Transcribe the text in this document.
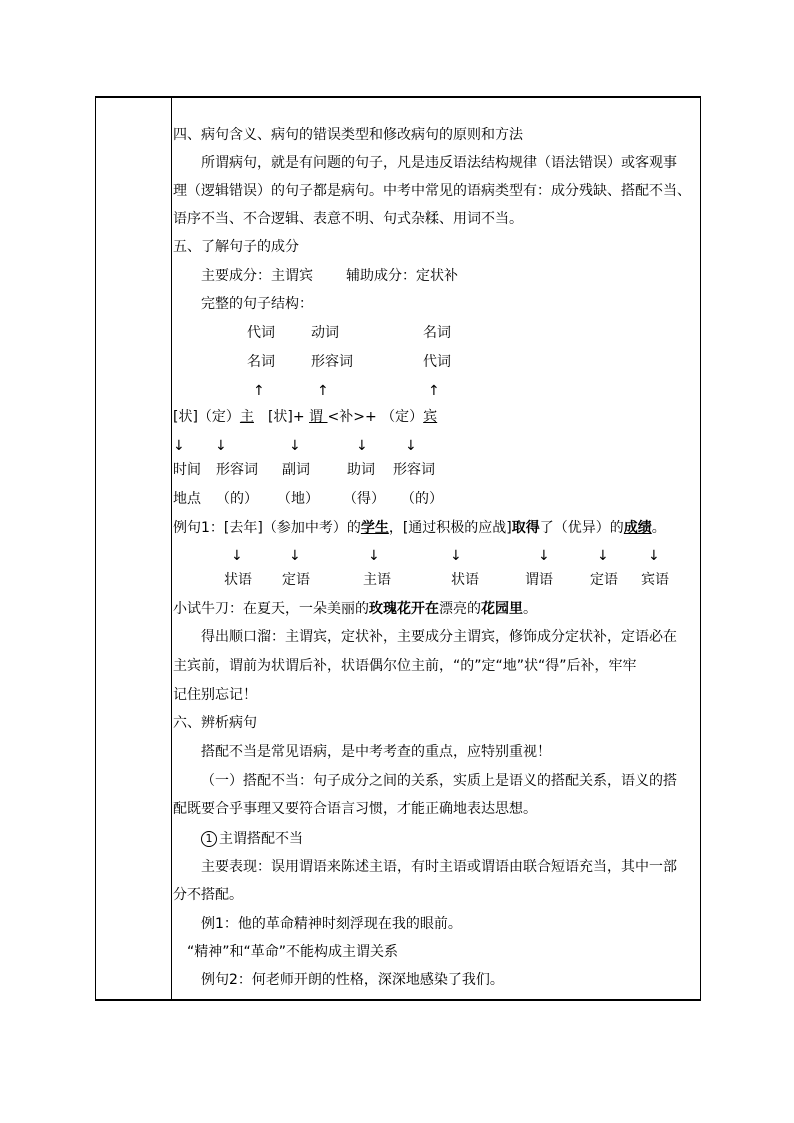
四、病句含义、病句的错误类型和修改病句的原则和方法
所谓病句，就是有问题的句子，凡是违反语法结构规律（语法错误）或客观事
理（逻辑错误）的句子都是病句。中考中常见的语病类型有：成分残缺、搭配不当、
语序不当、不合逻辑、表意不明、句式杂糅、用词不当。
五、了解句子的成分
主要成分：主谓宾 辅助成分：定状补
完整的句子结构：
代词	动词	名词
名词	形容词	代词
↑	↑	↑
[状]（定）主 [状]+ 谓 <补>+ （定）宾
↓ ↓	↓	↓	↓
时间 形容词 副词	助词 形容词
地点 （的） （地） （得） （的）
例句1：[去年]（参加中考）的学生，[通过积极的应战]取得了（优异）的成绩。
↓	↓	↓	↓	↓	↓	↓
状语 定语	主语	状语	谓语	定语 宾语
小试牛刀：在夏天，一朵美丽的玫瑰花开在漂亮的花园里。
得出顺口溜：主谓宾，定状补，主要成分主谓宾，修饰成分定状补，定语必在
主宾前，谓前为状谓后补，状语偶尔位主前，“的”定“地”状“得”后补，牢牢
记住别忘记！
六、辨析病句
搭配不当是常见语病，是中考考查的重点，应特别重视！
（一）搭配不当：句子成分之间的关系，实质上是语义的搭配关系，语义的搭
配既要合乎事理又要符合语言习惯，才能正确地表达思想。
1 主谓搭配不当
主要表现：误用谓语来陈述主语，有时主语或谓语由联合短语充当，其中一部
分不搭配。
例1：他的革命精神时刻浮现在我的眼前。
“精神”和“革命”不能构成主谓关系
例句2：何老师开朗的性格，深深地感染了我们。
